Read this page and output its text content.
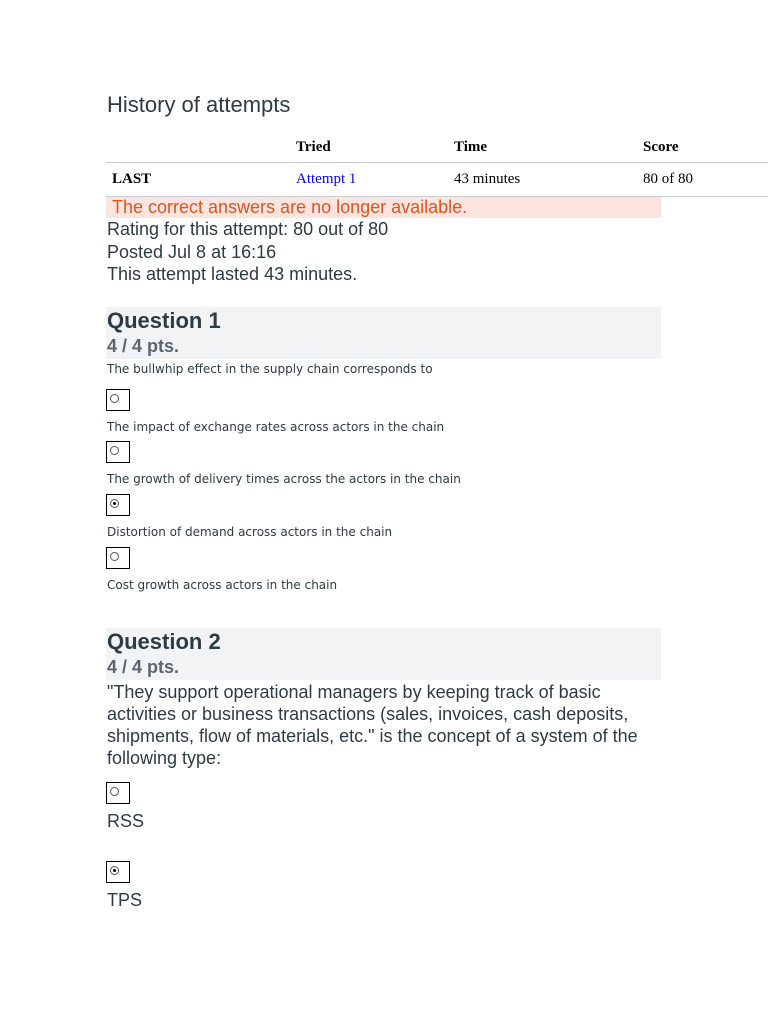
History of attempts
	Tried	Time	Score
LAST	Attempt 1	43 minutes	80 of 80
The correct answers are no longer available.
Rating for this attempt: 80 out of 80
Posted Jul 8 at 16:16
This attempt lasted 43 minutes.
Question 1
4 / 4 pts.
The bullwhip effect in the supply chain corresponds to
The impact of exchange rates across actors in the chain
The growth of delivery times across the actors in the chain
Distortion of demand across actors in the chain
Cost growth across actors in the chain
Question 2
4 / 4 pts.
"They support operational managers by keeping track of basic activities or business transactions (sales, invoices, cash deposits, shipments, flow of materials, etc." is the concept of a system of the following type:
RSS
TPS
